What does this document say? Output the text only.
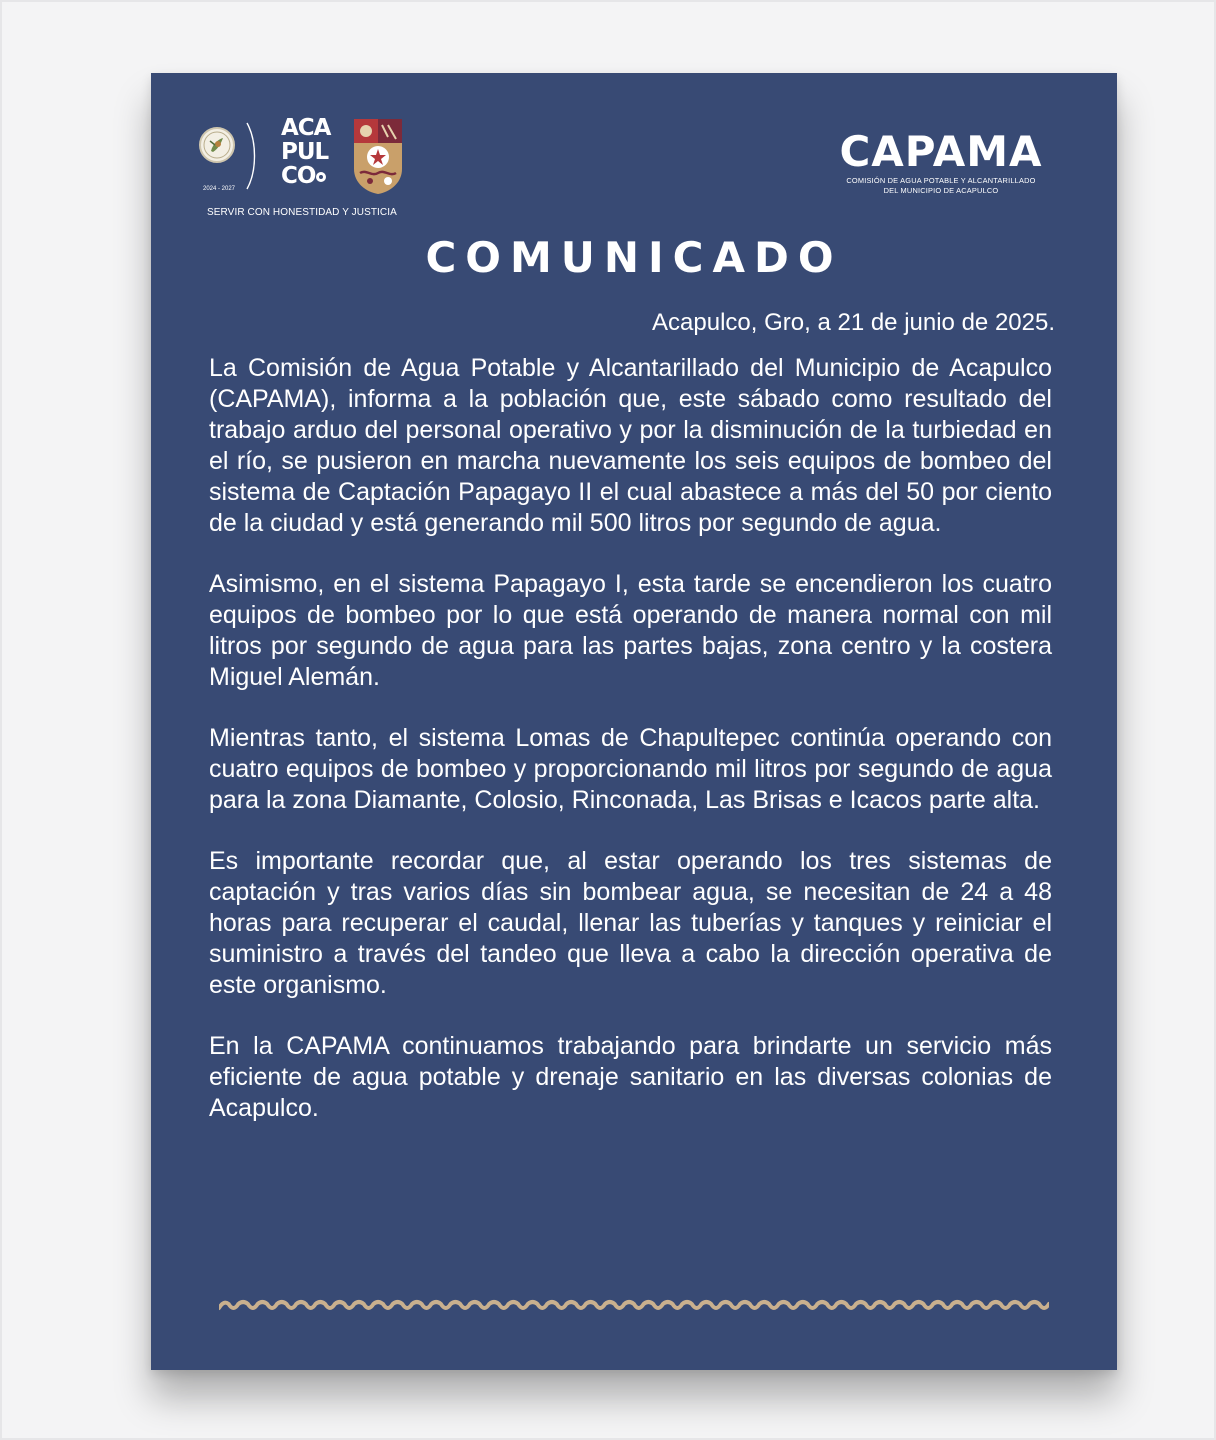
2024 - 2027
ACA
PUL
CO
SERVIR CON HONESTIDAD Y JUSTICIA
CAPAMA
COMISIÓN DE AGUA POTABLE Y ALCANTARILLADO
DEL MUNICIPIO DE ACAPULCO
COMUNICADO
Acapulco, Gro, a 21 de junio de 2025.

La Comisión de Agua Potable y Alcantarillado del Municipio de Acapulco (CAPAMA), informa a la población que, este sábado como resultado del trabajo arduo del personal operativo y por la disminución de la turbiedad en el río, se pusieron en marcha nuevamente los seis equipos de bombeo del sistema de Captación Papagayo II el cual abastece a más del 50 por ciento de la ciudad y está generando mil 500 litros por segundo de agua.

Asimismo, en el sistema Papagayo I, esta tarde se encendieron los cuatro equipos de bombeo por lo que está operando de manera normal con mil litros por segundo de agua para las partes bajas, zona centro y la costera Miguel Alemán.

Mientras tanto, el sistema Lomas de Chapultepec continúa operando con cuatro equipos de bombeo y proporcionando mil litros por segundo de agua para la zona Diamante, Colosio, Rinconada, Las Brisas e Icacos parte alta.

Es importante recordar que, al estar operando los tres sistemas de captación y tras varios días sin bombear agua, se necesitan de 24 a 48 horas para recuperar el caudal, llenar las tuberías y tanques y reiniciar el suministro a través del tandeo que lleva a cabo la dirección operativa de este organismo.

En la CAPAMA continuamos trabajando para brindarte un servicio más eficiente de agua potable y drenaje sanitario en las diversas colonias de Acapulco.
